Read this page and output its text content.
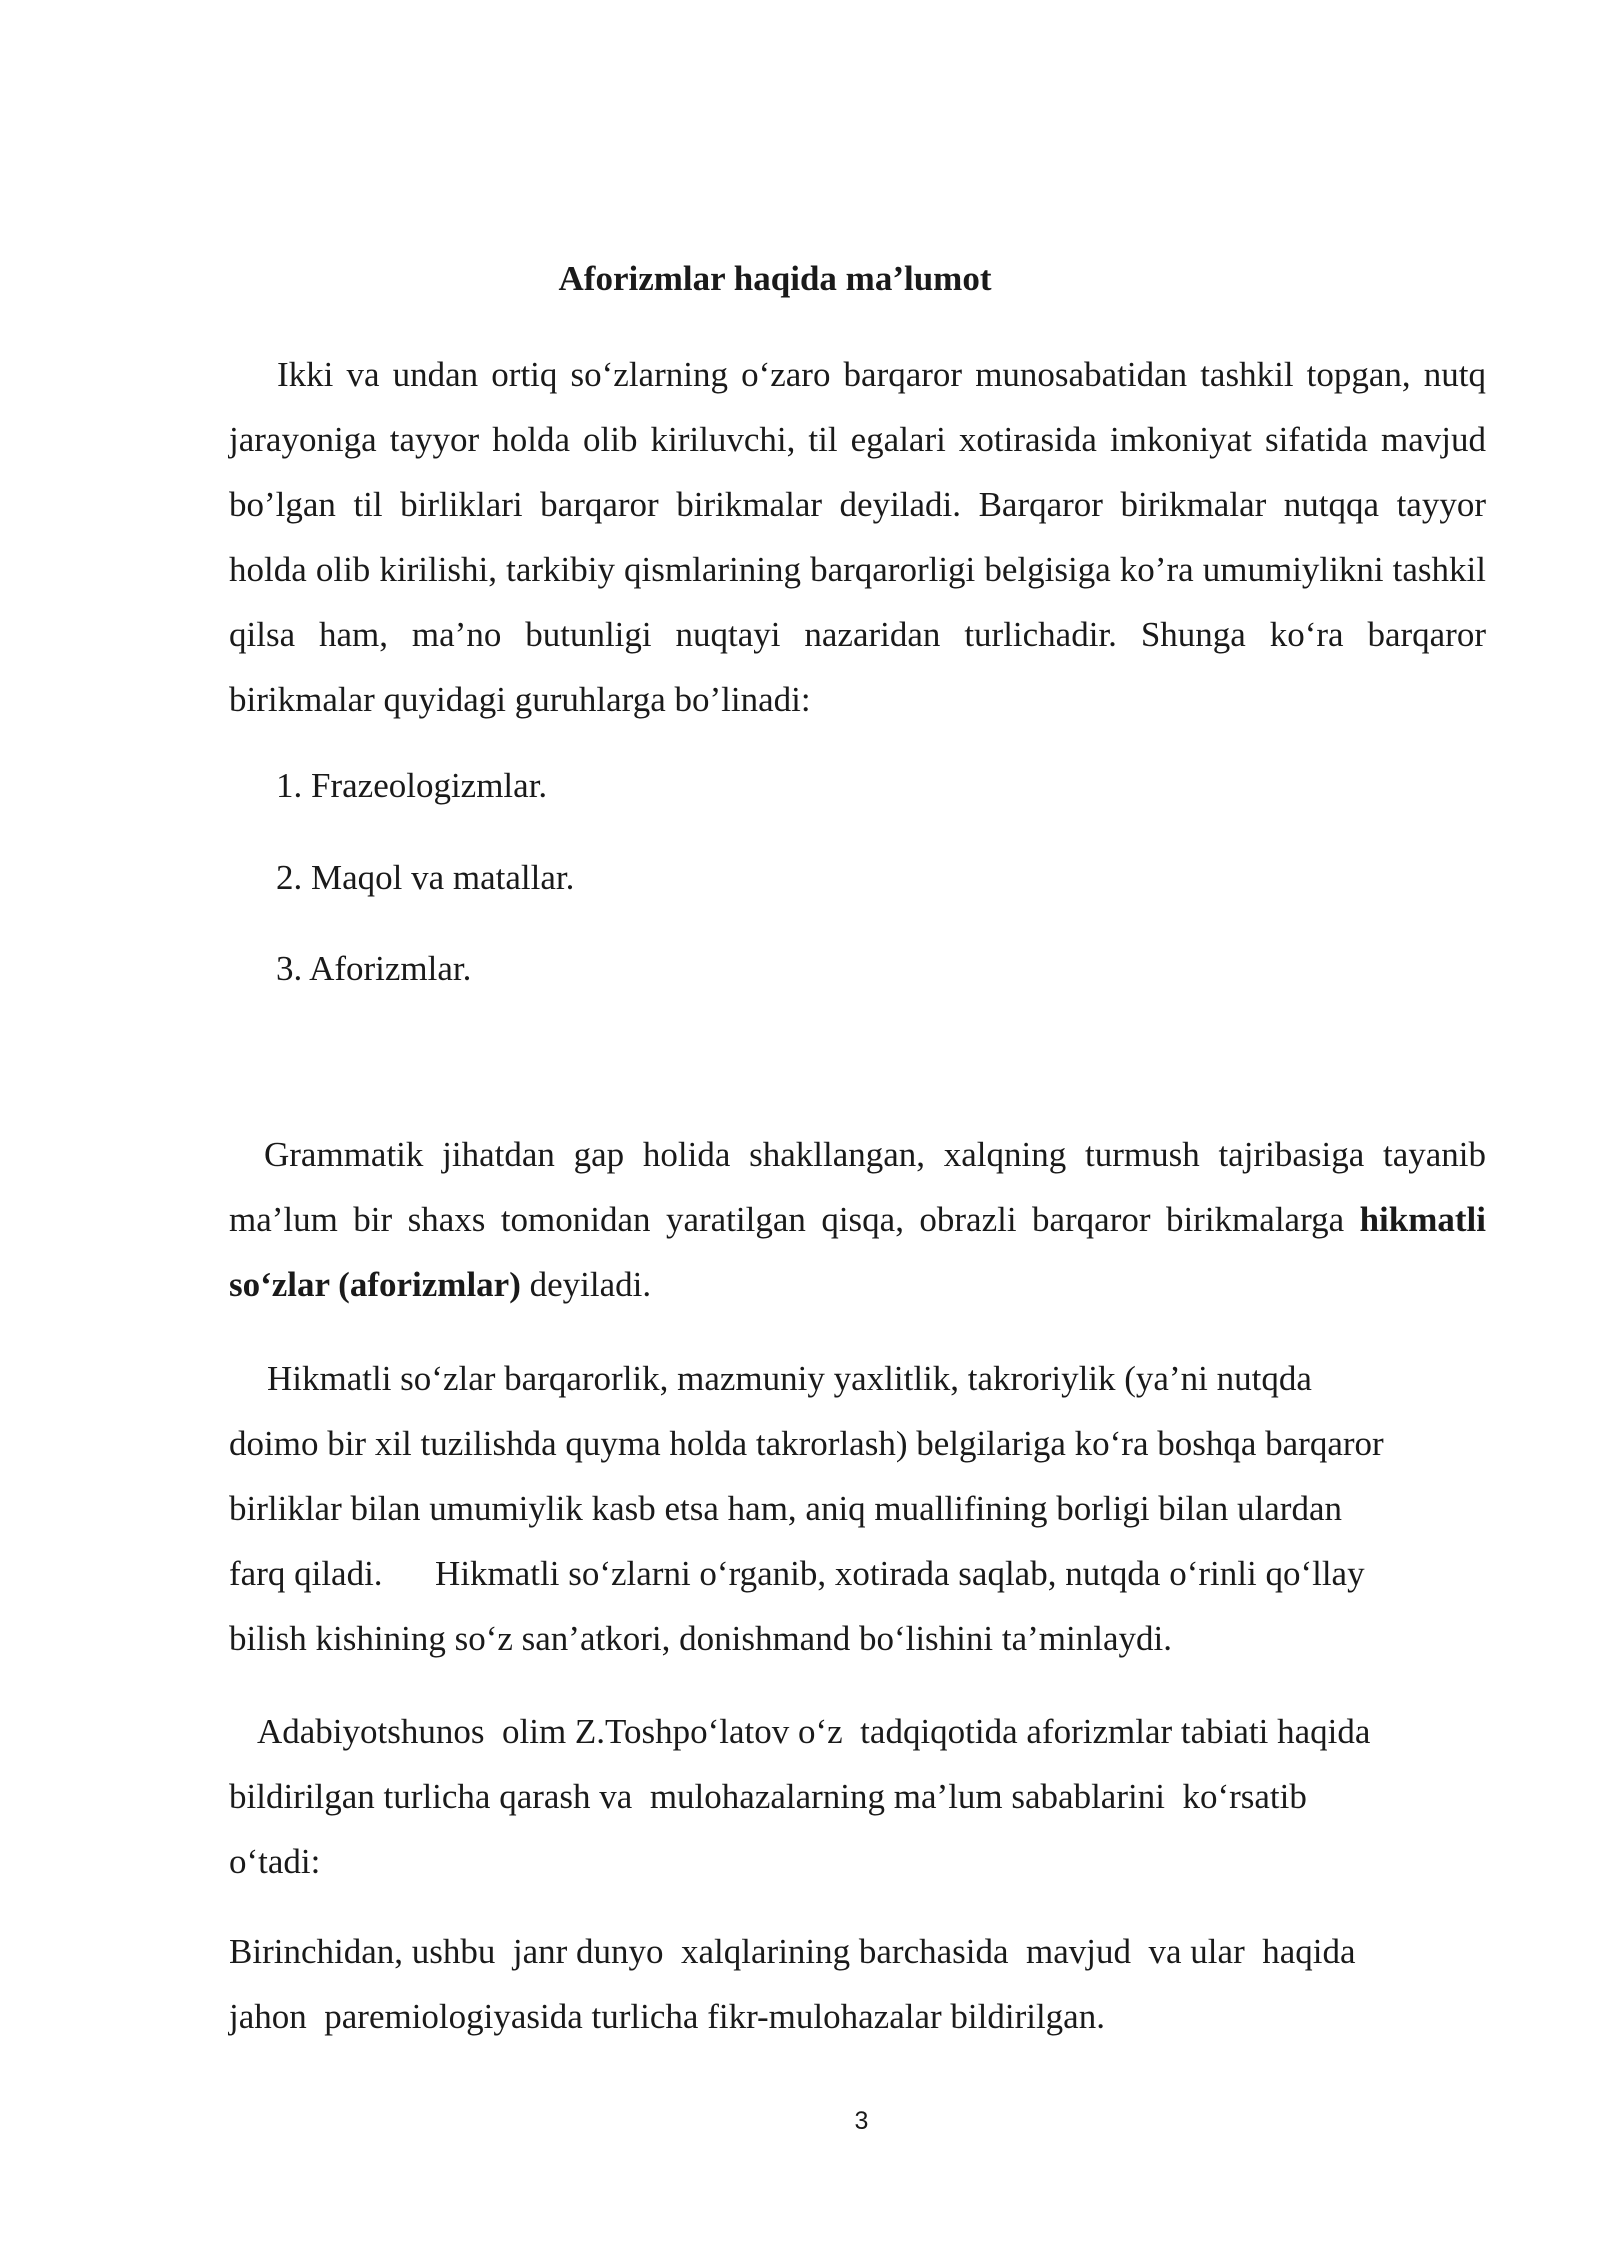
Aforizmlar haqida ma’lumot

Ikki va undan ortiq so‘zlarning o‘zaro barqaror munosabatidan tashkil topgan, nutq jarayoniga tayyor holda olib kiriluvchi, til egalari xotirasida imkoniyat sifatida mavjud bo’lgan til birliklari barqaror birikmalar deyiladi. Barqaror birikmalar nutqqa tayyor holda olib kirilishi, tarkibiy qismlarining barqarorligi belgisiga ko’ra umumiylikni tashkil qilsa ham, ma’no butunligi nuqtayi nazaridan turlichadir. Shunga ko‘ra barqaror birikmalar quyidagi guruhlarga bo’linadi:

1. Frazeologizmlar.

2. Maqol va matallar.

3. Aforizmlar.

Grammatik jihatdan gap holida shakllangan, xalqning turmush tajribasiga tayanib ma’lum bir shaxs tomonidan yaratilgan qisqa, obrazli barqaror birikmalarga hikmatli so‘zlar (aforizmlar) deyiladi.

Hikmatli so‘zlar barqarorlik, mazmuniy yaxlitlik, takroriylik (ya’ni nutqda
doimo bir xil tuzilishda quyma holda takrorlash) belgilariga ko‘ra boshqa barqaror
birliklar bilan umumiylik kasb etsa ham, aniq muallifining borligi bilan ulardan
farq qiladi.      Hikmatli so‘zlarni o‘rganib, xotirada saqlab, nutqda o‘rinli qo‘llay
bilish kishining so‘z san’atkori, donishmand bo‘lishini ta’minlaydi.
Adabiyotshunos  olim Z.Toshpo‘latov o‘z  tadqiqotida aforizmlar tabiati haqida
bildirilgan turlicha qarash va  mulohazalarning ma’lum sabablarini  ko‘rsatib
o‘tadi:
Birinchidan, ushbu  janr dunyo  xalqlarining barchasida  mavjud  va ular  haqida
jahon  paremiologiyasida turlicha fikr-mulohazalar bildirilgan.

3
